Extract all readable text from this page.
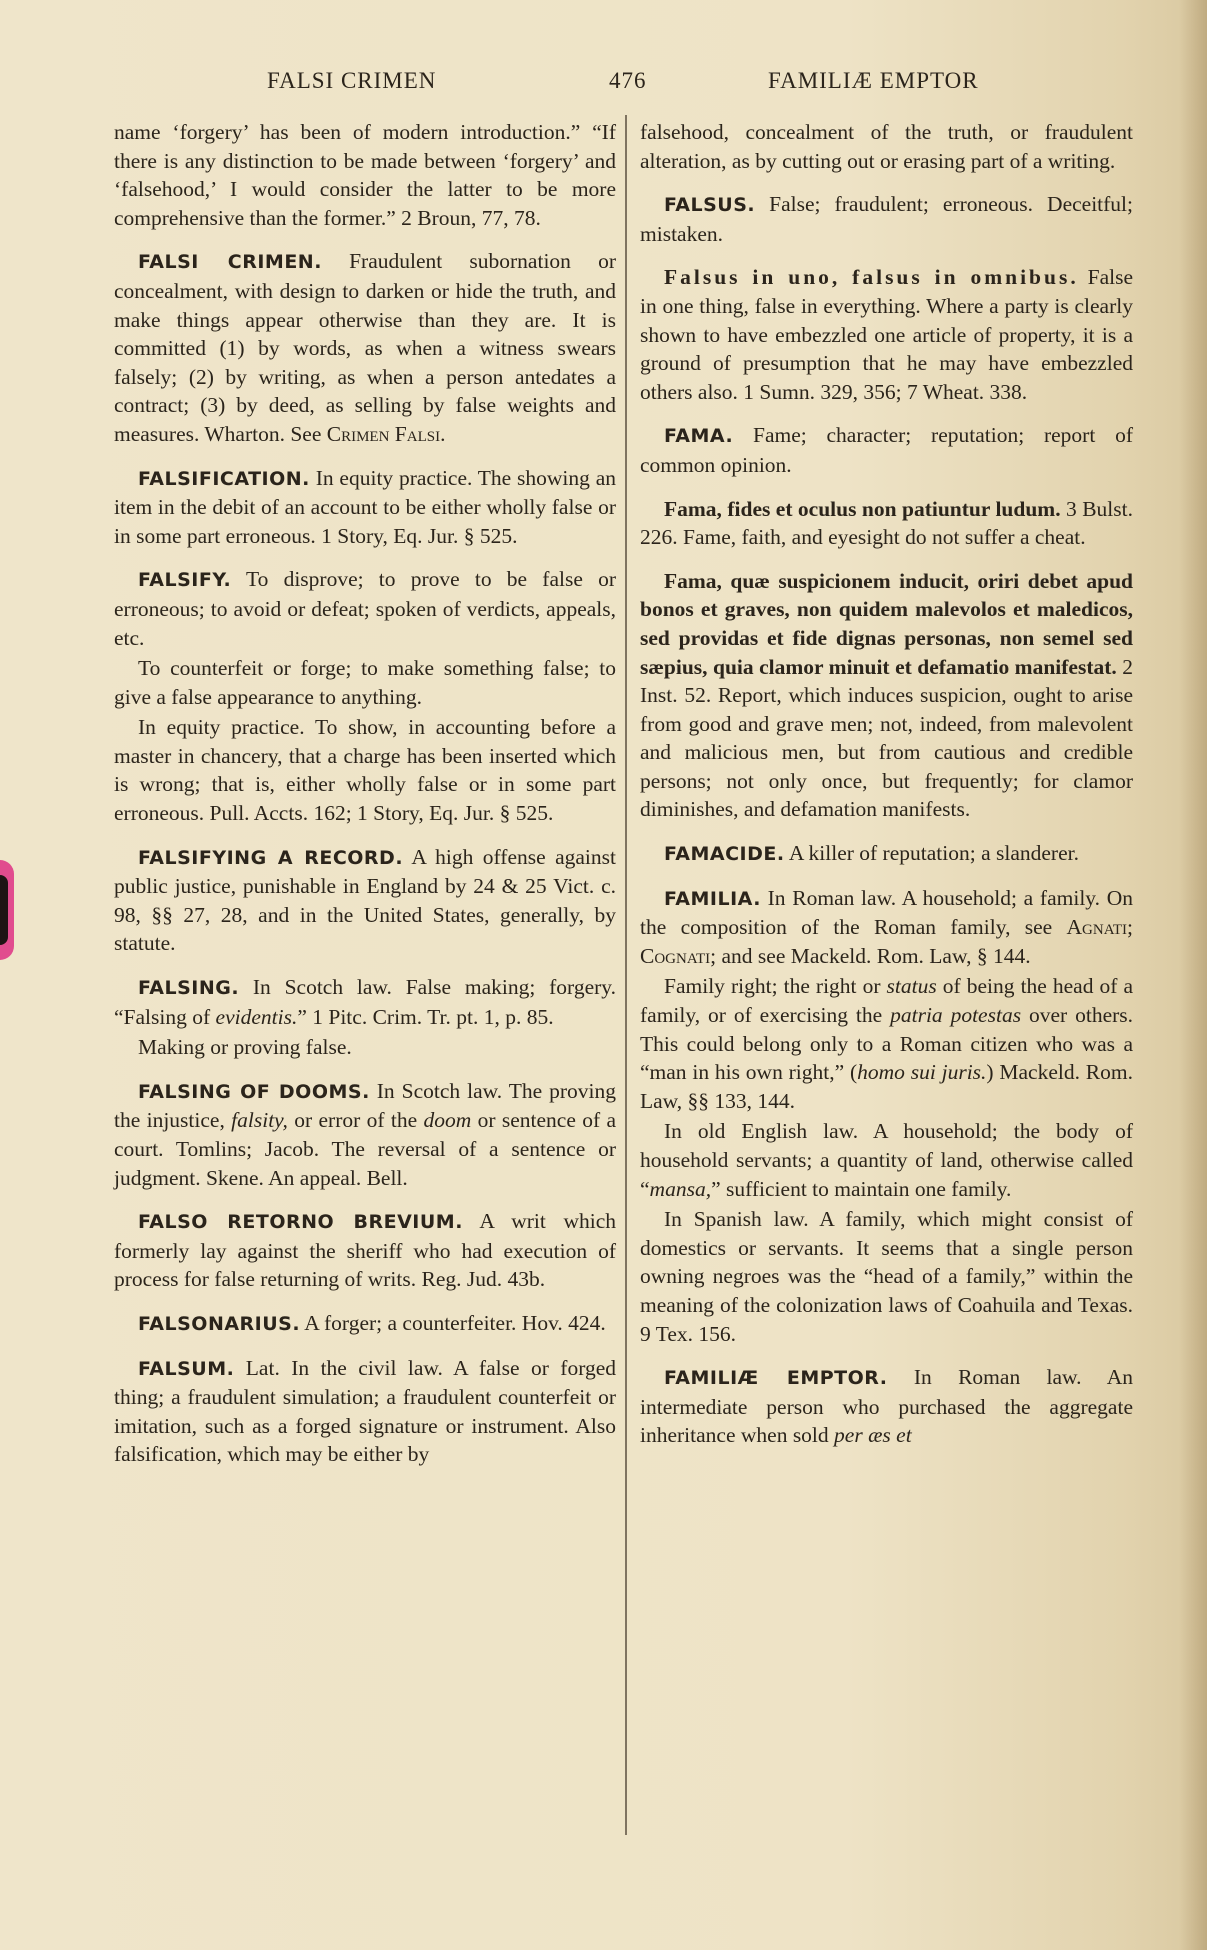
FALSI CRIMEN	476	FAMILIÆ EMPTOR

name ‘forgery’ has been of modern introduction.” “If there is any distinction to be made between ‘forgery’ and ‘falsehood,’ I would consider the latter to be more comprehensive than the former.” 2 Broun, 77, 78.

FALSI CRIMEN. Fraudulent subornation or concealment, with design to darken or hide the truth, and make things appear otherwise than they are. It is committed (1) by words, as when a witness swears falsely; (2) by writing, as when a person antedates a contract; (3) by deed, as selling by false weights and measures. Wharton. See Crimen Falsi.

FALSIFICATION. In equity practice. The showing an item in the debit of an account to be either wholly false or in some part erroneous. 1 Story, Eq. Jur. § 525.

FALSIFY. To disprove; to prove to be false or erroneous; to avoid or defeat; spoken of verdicts, appeals, etc.

To counterfeit or forge; to make something false; to give a false appearance to anything.

In equity practice. To show, in accounting before a master in chancery, that a charge has been inserted which is wrong; that is, either wholly false or in some part erroneous. Pull. Accts. 162; 1 Story, Eq. Jur. § 525.

FALSIFYING A RECORD. A high offense against public justice, punishable in England by 24 & 25 Vict. c. 98, §§ 27, 28, and in the United States, generally, by statute.

FALSING. In Scotch law. False making; forgery. “Falsing of evidentis.” 1 Pitc. Crim. Tr. pt. 1, p. 85.

Making or proving false.

FALSING OF DOOMS. In Scotch law. The proving the injustice, falsity, or error of the doom or sentence of a court. Tomlins; Jacob. The reversal of a sentence or judgment. Skene. An appeal. Bell.

FALSO RETORNO BREVIUM. A writ which formerly lay against the sheriff who had execution of process for false returning of writs. Reg. Jud. 43b.

FALSONARIUS. A forger; a counterfeiter. Hov. 424.

FALSUM. Lat. In the civil law. A false or forged thing; a fraudulent simulation; a fraudulent counterfeit or imitation, such as a forged signature or instrument. Also falsification, which may be either by

falsehood, concealment of the truth, or fraudulent alteration, as by cutting out or erasing part of a writing.

FALSUS. False; fraudulent; erroneous. Deceitful; mistaken.

Falsus in uno, falsus in omnibus. False in one thing, false in everything. Where a party is clearly shown to have embezzled one article of property, it is a ground of presumption that he may have embezzled others also. 1 Sumn. 329, 356; 7 Wheat. 338.

FAMA. Fame; character; reputation; report of common opinion.

Fama, fides et oculus non patiuntur ludum. 3 Bulst. 226. Fame, faith, and eyesight do not suffer a cheat.

Fama, quæ suspicionem inducit, oriri debet apud bonos et graves, non quidem malevolos et maledicos, sed providas et fide dignas personas, non semel sed sæpius, quia clamor minuit et defamatio manifestat. 2 Inst. 52. Report, which induces suspicion, ought to arise from good and grave men; not, indeed, from malevolent and malicious men, but from cautious and credible persons; not only once, but frequently; for clamor diminishes, and defamation manifests.

FAMACIDE. A killer of reputation; a slanderer.

FAMILIA. In Roman law. A household; a family. On the composition of the Roman family, see Agnati; Cognati; and see Mackeld. Rom. Law, § 144.

Family right; the right or status of being the head of a family, or of exercising the patria potestas over others. This could belong only to a Roman citizen who was a “man in his own right,” (homo sui juris.) Mackeld. Rom. Law, §§ 133, 144.

In old English law. A household; the body of household servants; a quantity of land, otherwise called “mansa,” sufficient to maintain one family.

In Spanish law. A family, which might consist of domestics or servants. It seems that a single person owning negroes was the “head of a family,” within the meaning of the colonization laws of Coahuila and Texas. 9 Tex. 156.

FAMILIÆ EMPTOR. In Roman law. An intermediate person who purchased the aggregate inheritance when sold per æs et
